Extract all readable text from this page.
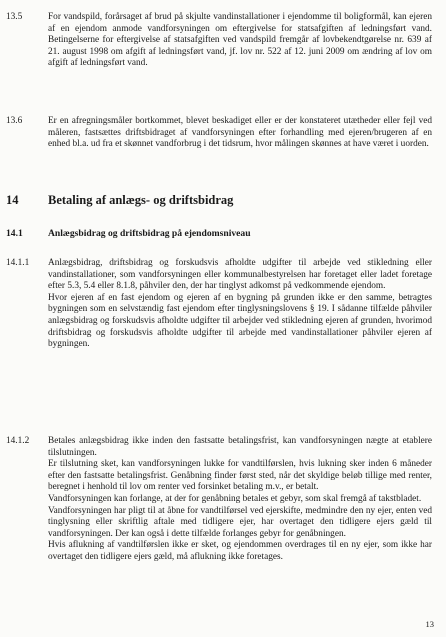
13.5	For vandspild, forårsaget af brud på skjulte vandinstallationer i ejendomme til boligformål, kan ejeren af en ejendom anmode vandforsyningen om eftergivelse for statsafgiften af ledningsført vand. Betingelserne for eftergivelse af statsafgiften ved vandspild fremgår af lovbekendtgørelse nr. 639 af 21. august 1998 om afgift af ledningsført vand, jf. lov nr. 522 af 12. juni 2009 om ændring af lov om afgift af ledningsført vand.

13.6	Er en afregningsmåler bortkommet, blevet beskadiget eller er der konstateret utætheder eller fejl ved måleren, fastsættes driftsbidraget af vandforsyningen efter forhandling med ejeren/brugeren af en enhed bl.a. ud fra et skønnet vandforbrug i det tidsrum, hvor målingen skønnes at have været i uorden.

14 Betaling af anlægs- og driftsbidrag
14.1	Anlægsbidrag og driftsbidrag på ejendomsniveau
14.1.1 Anlægsbidrag, driftsbidrag og forskudsvis afholdte udgifter til arbejde ved stikledning eller vandinstallationer, som vandforsyningen eller kommunalbestyrelsen har foretaget eller ladet foretage efter 5.3, 5.4 eller 8.1.8, påhviler den, der har tinglyst adkomst på vedkommende ejendom.

Hvor ejeren af en fast ejendom og ejeren af en bygning på grunden ikke er den samme, betragtes bygningen som en selvstændig fast ejendom efter tinglysningslovens § 19. I sådanne tilfælde påhviler anlægsbidrag og forskudsvis afholdte udgifter til arbejder ved stikledning ejeren af grunden, hvorimod driftsbidrag og forskudsvis afholdte udgifter til arbejde med vandinstallationer påhviler ejeren af bygningen.

14.1.2 Betales anlægsbidrag ikke inden den fastsatte betalingsfrist, kan vandforsyningen nægte at etablere tilslutningen.

Er tilslutning sket, kan vandforsyningen lukke for vandtilførslen, hvis lukning sker inden 6 måneder efter den fastsatte betalingsfrist. Genåbning finder først sted, når det skyldige beløb tillige med renter, beregnet i henhold til lov om renter ved forsinket betaling m.v., er betalt.

Vandforsyningen kan forlange, at der for genåbning betales et gebyr, som skal fremgå af takstbladet.

Vandforsyningen har pligt til at åbne for vandtilførsel ved ejerskifte, medmindre den ny ejer, enten ved tinglysning eller skriftlig aftale med tidligere ejer, har overtaget den tidligere ejers gæld til vandforsyningen. Der kan også i dette tilfælde forlanges gebyr for genåbningen.

Hvis aflukning af vandtilførslen ikke er sket, og ejendommen overdrages til en ny ejer, som ikke har overtaget den tidligere ejers gæld, må aflukning ikke foretages.

13
